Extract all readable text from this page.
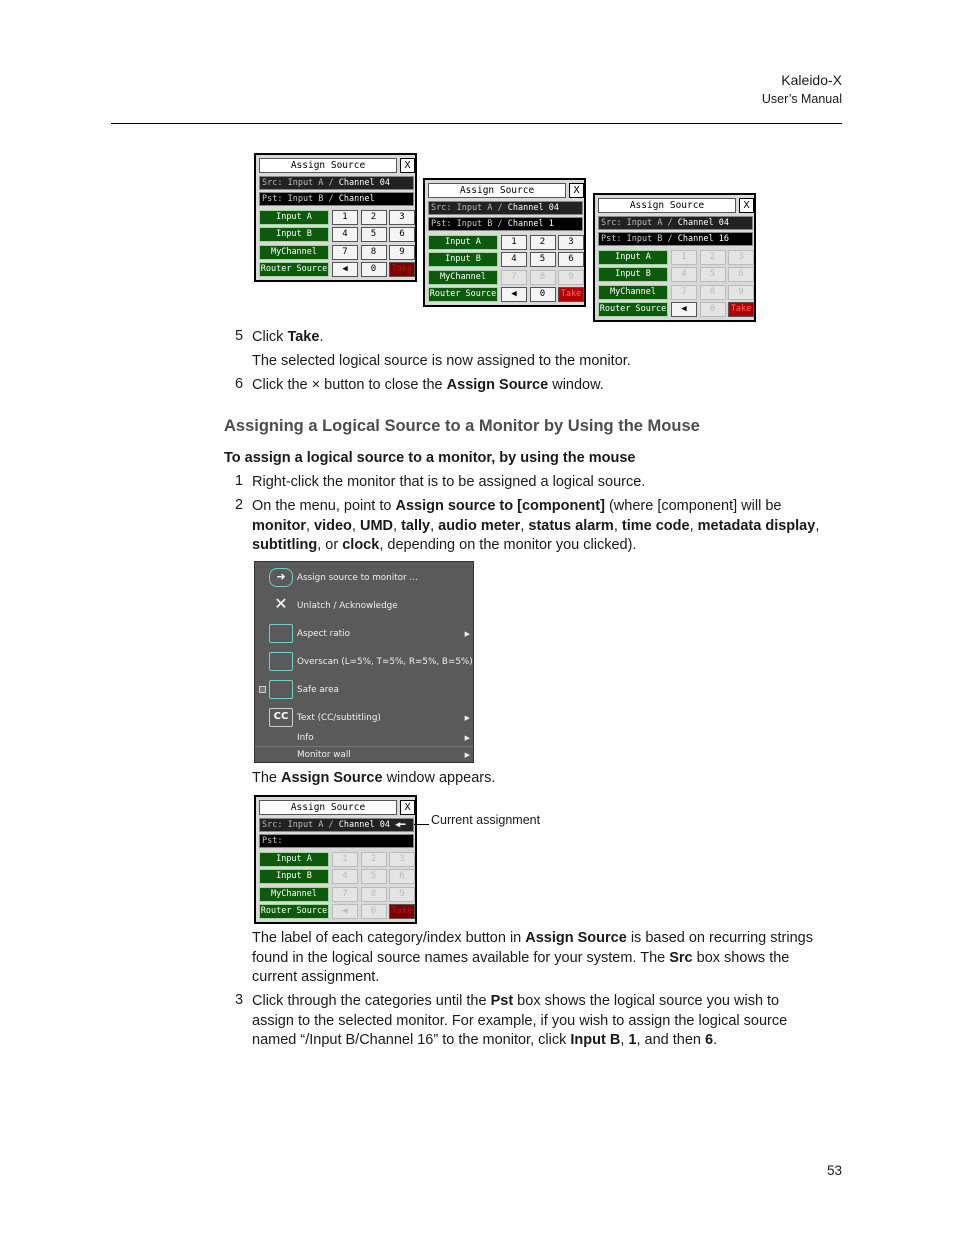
Kaleido-X
User’s Manual
Assign Source	X
Src: Input A / Channel 04
Pst: Input B / Channel
Input A
Input B
MyChannel
Router Source
1	2	3
4	5	6
7	8	9
◀	0	Take
Assign Source	X
Src: Input A / Channel 04
Pst: Input B / Channel 1
Input A
Input B
MyChannel
Router Source
1	2	3
4	5	6
7	8	9
◀	0	Take
Assign Source	X
Src: Input A / Channel 04
Pst: Input B / Channel 16
Input A
Input B
MyChannel
Router Source
1	2	3
4	5	6
7	8	9
◀	0	Take
5 Click Take.
The selected logical source is now assigned to the monitor.
6 Click the × button to close the Assign Source window.
Assigning a Logical Source to a Monitor by Using the Mouse
To assign a logical source to a monitor, by using the mouse
1 Right-click the monitor that is to be assigned a logical source.
2 On the menu, point to Assign source to [component] (where [component] will be
monitor, video, UMD, tally, audio meter, status alarm, time code, metadata display,
subtitling, or clock, depending on the monitor you clicked).
➜	Assign source to monitor ...
✕	Unlatch / Acknowledge
Aspect ratio	▶
Overscan (L=5%, T=5%, R=5%, B=5%)
Safe area
CC Text (CC/subtitling)	▶
Info	▶
Monitor wall	▶
The Assign Source window appears.
Assign Source	X
Src: Input A / Channel 04 ◀━
Pst:
Input A
Input B
MyChannel
Router Source
1	2	3
4	5	6
7	8	9
◀	0	Take
Current assignment
The label of each category/index button in Assign Source is based on recurring strings
found in the logical source names available for your system. The Src box shows the
current assignment.
3 Click through the categories until the Pst box shows the logical source you wish to
assign to the selected monitor. For example, if you wish to assign the logical source
named “/Input B/Channel 16” to the monitor, click Input B, 1, and then 6.
53
